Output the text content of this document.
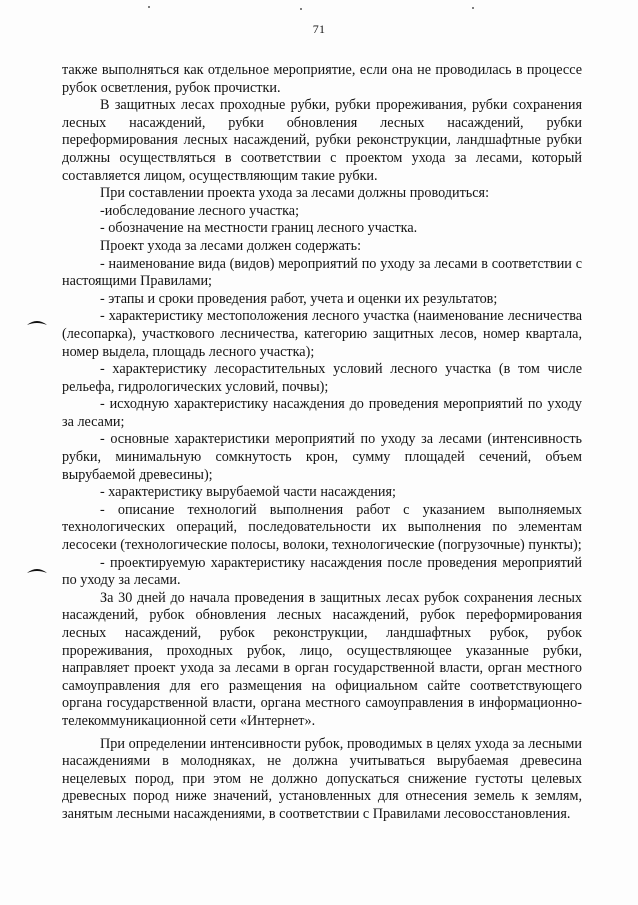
71

также выполняться как отдельное мероприятие, если она не проводилась в процессе рубок осветления, рубок прочистки.

В защитных лесах проходные рубки, рубки прореживания, рубки сохранения лесных насаждений, рубки обновления лесных насаждений, рубки переформирования лесных насаждений, рубки реконструкции, ландшафтные рубки должны осуществляться в соответствии с проектом ухода за лесами, который составляется лицом, осуществляющим такие рубки.

При составлении проекта ухода за лесами должны проводиться:

-иобследование лесного участка;

- обозначение на местности границ лесного участка.

Проект ухода за лесами должен содержать:

- наименование вида (видов) мероприятий по уходу за лесами в соответствии с настоящими Правилами;

- этапы и сроки проведения работ, учета и оценки их результатов;

- характеристику местоположения лесного участка (наименование лесничества (лесопарка), участкового лесничества, категорию защитных лесов, номер квартала, номер выдела, площадь лесного участка);

- характеристику лесорастительных условий лесного участка (в том числе рельефа, гидрологических условий, почвы);

- исходную характеристику насаждения до проведения мероприятий по уходу за лесами;

- основные характеристики мероприятий по уходу за лесами (интенсивность рубки, минимальную сомкнутость крон, сумму площадей сечений, объем вырубаемой древесины);

- характеристику вырубаемой части насаждения;

- описание технологий выполнения работ с указанием выполняемых технологических операций, последовательности их выполнения по элементам лесосеки (технологические полосы, волоки, технологические (погрузочные) пункты);

- проектируемую характеристику насаждения после проведения мероприятий по уходу за лесами.

За 30 дней до начала проведения в защитных лесах рубок сохранения лесных насаждений, рубок обновления лесных насаждений, рубок переформирования лесных насаждений, рубок реконструкции, ландшафтных рубок, рубок прореживания, проходных рубок, лицо, осуществляющее указанные рубки, направляет проект ухода за лесами в орган государственной власти, орган местного самоуправления для его размещения на официальном сайте соответствующего органа государственной власти, органа местного самоуправления в информационно-телекоммуникационной сети «Интернет».

При определении интенсивности рубок, проводимых в целях ухода за лесными насаждениями в молодняках, не должна учитываться вырубаемая древесина нецелевых пород, при этом не должно допускаться снижение густоты целевых древесных пород ниже значений, установленных для отнесения земель к землям, занятым лесными насаждениями, в соответствии с Правилами лесовосстановления.
